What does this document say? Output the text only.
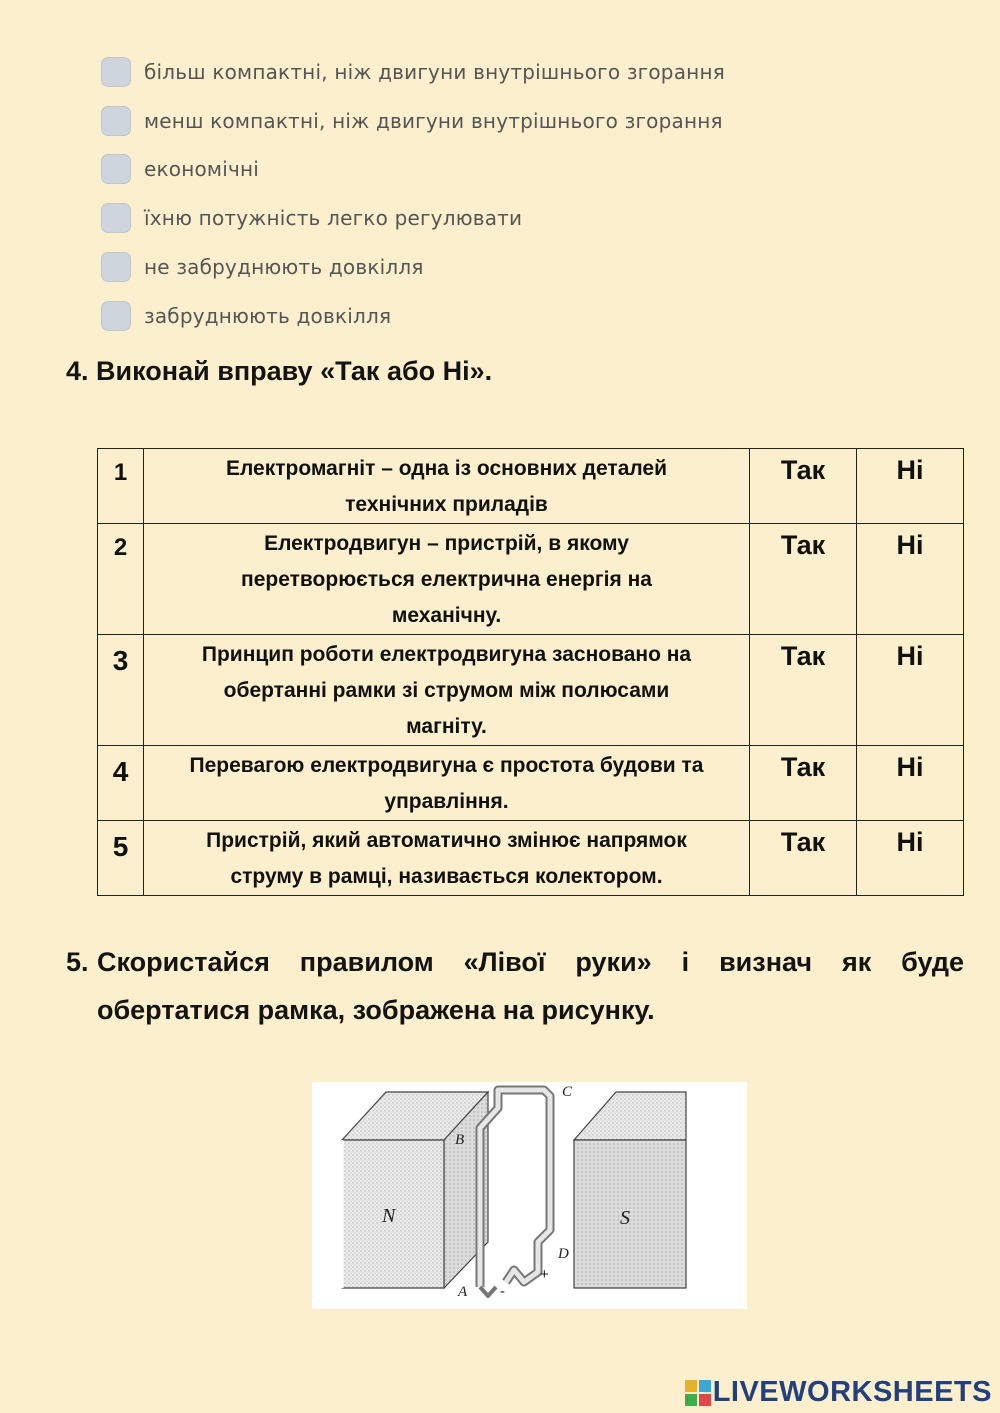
більш компактні, ніж двигуни внутрішнього згорання
менш компактні, ніж двигуни внутрішнього згорання
економічні
їхню потужність легко регулювати
не забруднюють довкілля
забруднюють довкілля
4. Виконай вправу «Так або Ні».
1	Електромагніт – одна із основних деталей
технічних приладів	Так	Ні
2	Електродвигун – пристрій, в якому
перетворюється електрична енергія на
механічну.	Так	Ні
3	Принцип роботи електродвигуна засновано на
обертанні рамки зі струмом між полюсами
магніту.	Так	Ні
4	Перевагою електродвигуна є простота будови та
управління.	Так	Ні
5	Пристрій, який автоматично змінює напрямок
струму в рамці, називається колектором.	Так	Ні
5. Скористайся правилом «Лівої руки» і визнач як буде
обертатися рамка, зображена на рисунку.
N	S
B
C
D
A -
+
LIVEWORKSHEETS
